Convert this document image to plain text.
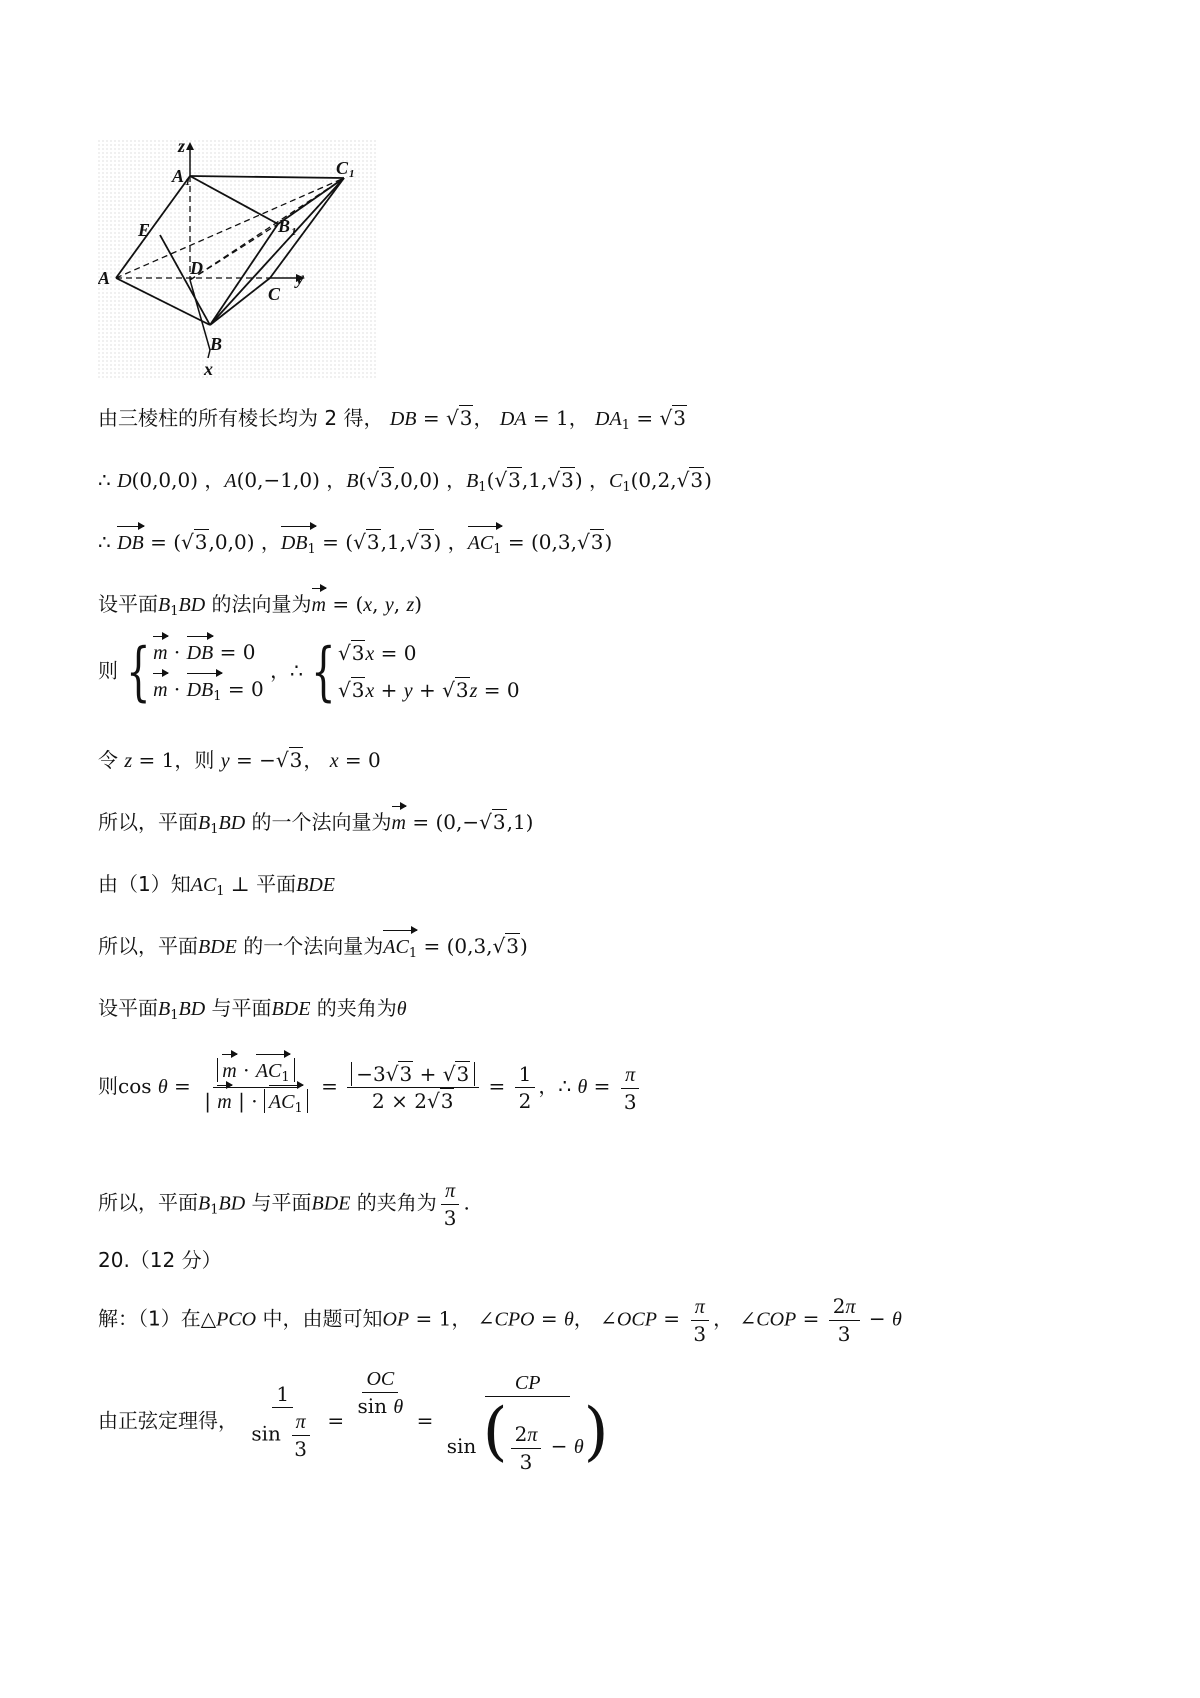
z
A 1
C 1
B 1
E
D
A
C
y
B
x
由三棱柱的所有棱长均为 2 得， DB = √3， DA = 1， $DA_1 = √3$
∴ D(0,0,0) ，A(0,−1,0) ，B(√3,0,0) ，$B_1(√3,1,√3)$ ，$C_1(0,2,√3)$
∴ DB = (√3,0,0) ，$DB_1 = (√3,1,√3)$ ，$AC_1 = (0,3,√3)$
设平面$B_1BD$ 的法向量为m = (x, y, z)
则 { m · DB = 0
$m \cdot DB_1 = 0$
，∴ { √3x = 0
√3x + y + √3z = 0
令 z = 1，则 y = −√3， x = 0
所以，平面$B_1BD$ 的一个法向量为m = (0,−√3,1)
由（1）知$AC_1$ ⊥ 平面BDE
所以，平面BDE 的一个法向量为$AC_1 = (0,3,√3)$
设平面$B_1BD$ 与平面BDE 的夹角为θ
则$\cos \theta = \frac{m \cdot AC_1}{| m | \cdot AC_1} = \frac{-3√3 + √3}{2 \times 2√3} = \frac{1}{2}$ ，∴ $\theta = \frac{\pi}{3}$
所以，平面$B_1BD$ 与平面BDE 的夹角为 $\frac{\pi}{3}$ .
20.（12 分）
解：（1）在△PCO 中，由题可知OP = 1， ∠CPO = θ， ∠OCP = $\frac{\pi}{3}$ ， ∠COP = $\frac{2\pi}{3} - \theta$
由正弦定理得， $\frac{1}{\sin \frac{\pi}{3}}$ =
$\frac{OC}{\text{sin θ}}$
= $\frac{CP}{\sin ( \frac{2\pi}{3} - \theta)}$
